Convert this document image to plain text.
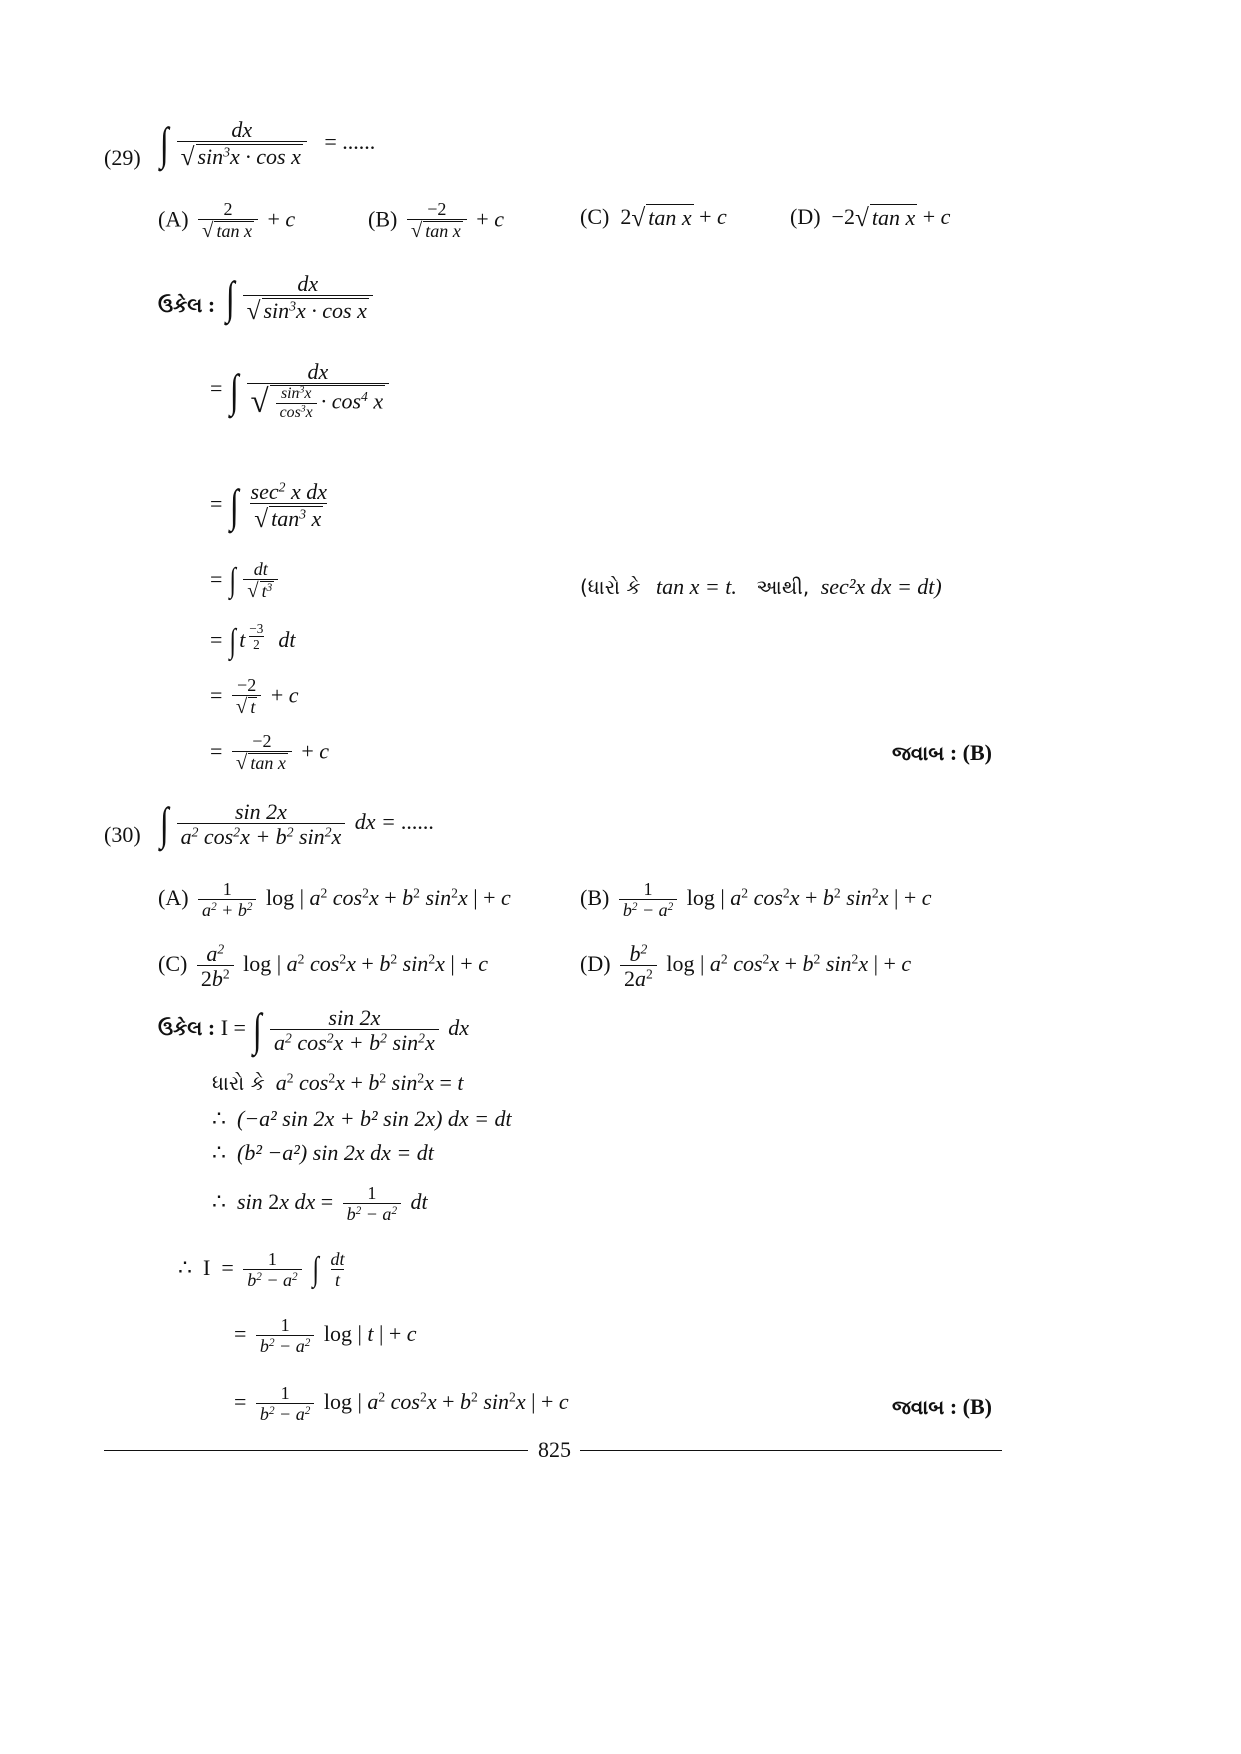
(29) ∫ $\frac{dx}{√ \sin^3x \cdot \cos x}$ = ......
$(A) \frac{2}{\text{√ tan x}} + c$	$(B) \frac{-2}{\text{√ tan x}} + c$	(C)  2 √ tan x + c	(D)  −2 √ tan x + c
ઉકેલ : ∫ $\frac{dx}{√ \sin^3x \cdot \cos x}$
= ∫ $\frac{dx}{√ \frac{\sin^3x}{\cos^3x} \cdot \cos^4 x}$
= ∫ $\frac{\sec^2 x dx}{√ \tan^3 x}$
= ∫ $\frac{dt}{√ t^3}$	(ધારો કે tan x = t. આથી, sec²x dx = dt)
= ∫ t $^{\frac{-3}{2}}$ dt
= $\frac{-2}{√ t} + c$
= $\frac{-2}{\text{√ tan x}} + c$	જવાબ : (B)
(30) ∫ $\frac{\sin 2x}{a^2 \cos^2x + b^2 \sin^2x}$ dx = ......
$(A) \frac{1}{a^2 + b^2}$ log | $a^2$ $\cos^2x + b^2$ $\sin^2x$ | + c	$(B) \frac{1}{b^2 - a^2}$ log | $a^2$ $\cos^2x + b^2$ $\sin^2x$ | + c
$(C) \frac{a^2}{2b^2}$ log | $a^2$ $\cos^2x + b^2$ $\sin^2x$ | + c	$(D) \frac{b^2}{2a^2}$ log | $a^2$ $\cos^2x + b^2$ $\sin^2x$ | + c
ઉકેલ : I = ∫ $\frac{\sin 2x}{a^2 \cos^2x + b^2 \sin^2x}$ dx
ધારો કે $a^2$ $\cos^2x + b^2$ $\sin^2x = t$
∴  (−a² sin 2x + b² sin 2x) dx = dt
∴  (b² −a²) sin 2x dx = dt
∴  sin 2x dx = $\frac{1}{b^2 - a^2}$ dt
∴  $I = \frac{1}{b^2 - a^2}$ ∫ $\frac{dt}{t}$
= $\frac{1}{b^2 - a^2}$ log | t | + c
= $\frac{1}{b^2 - a^2}$ log | $a^2$ $\cos^2x + b^2$ $\sin^2x$ | + c	જવાબ : (B)
825
